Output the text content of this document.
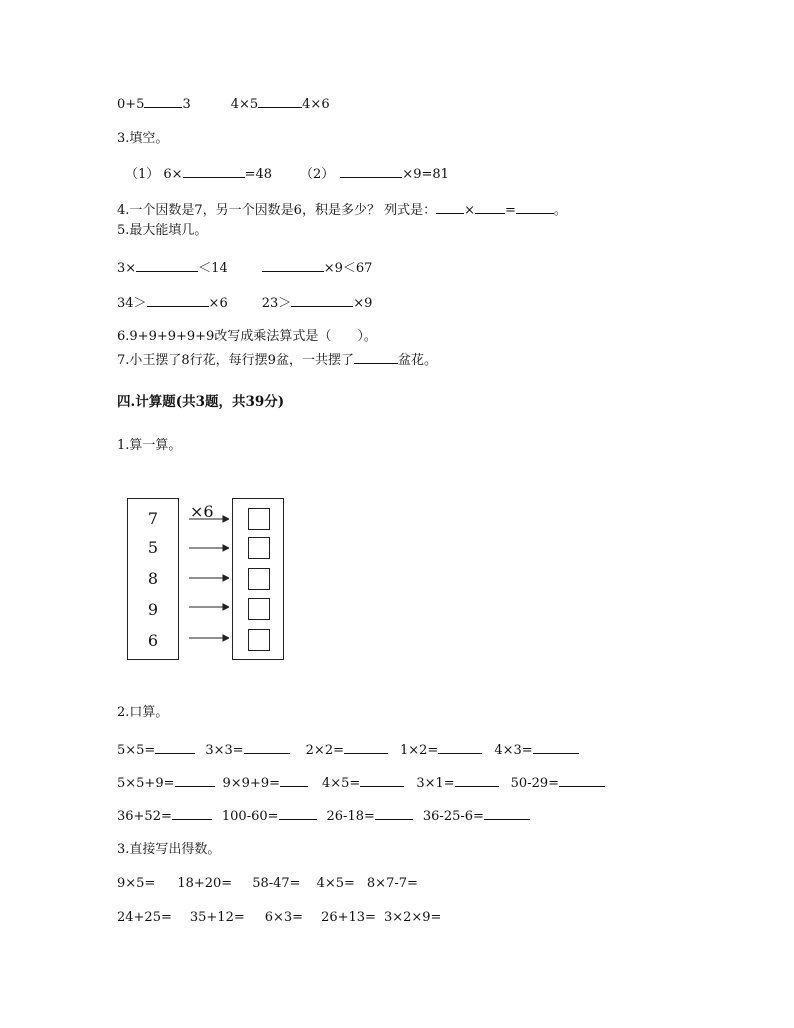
0+5	3	4×5	4×6
3.填空。
（1） 6×	=48 （2）	×9=81
4.一个因数是7，另一个因数是6，积是多少？ 列式是： × =	。
5.最大能填几。
3×	＜14	×9＜67
34＞	×6	23＞	×9
6.9+9+9+9+9改写成乘法算式是（　　）。
7.小王摆了8行花，每行摆9盆，一共摆了	盆花。
四.计算题(共3题，共39分)
1.算一算。
7
5
8
9
6
×6
2.口算。
5×5=	3×3=	2×2=	1×2=	4×3=
5×5+9=	9×9+9=	4×5=	3×1=	50-29=
36+52=	100-60=	26-18=	36-25-6=
3.直接写出得数。
9×5= 18+20= 58-47= 4×5= 8×7-7=
24+25= 35+12= 6×3= 26+13= 3×2×9=
